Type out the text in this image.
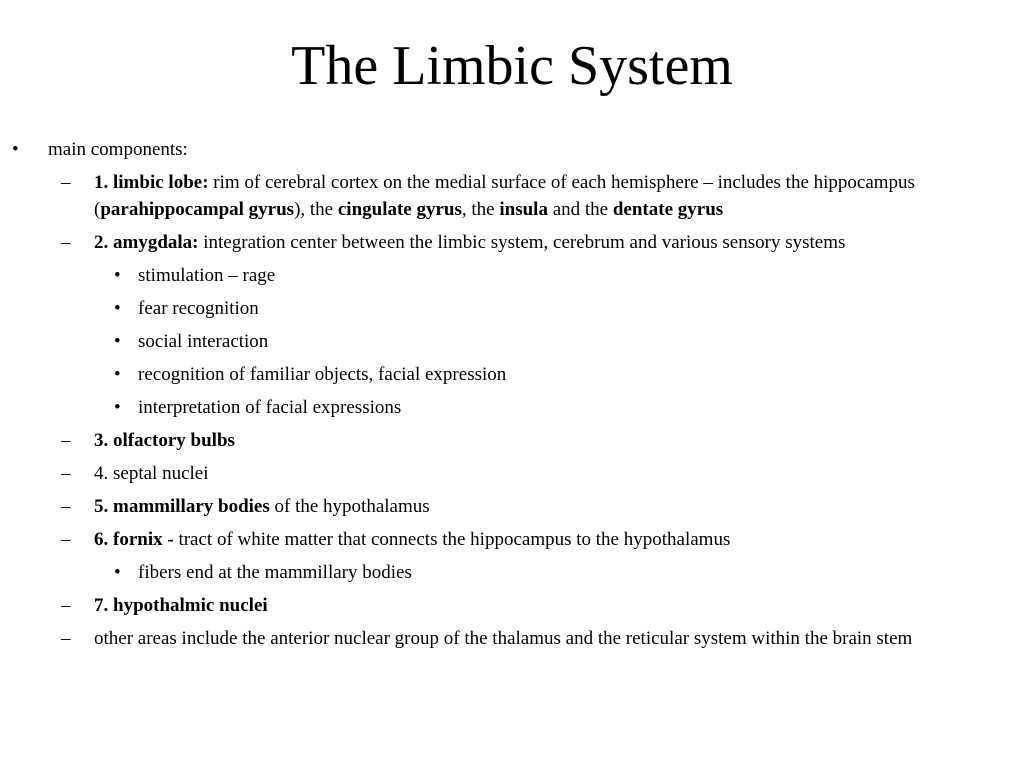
The Limbic System
• main components:
– 1. limbic lobe: rim of cerebral cortex on the medial surface of each hemisphere – includes the hippocampus (parahippocampal gyrus), the cingulate gyrus, the insula and the dentate gyrus
– 2. amygdala: integration center between the limbic system, cerebrum and various sensory systems
• stimulation – rage
• fear recognition
• social interaction
• recognition of familiar objects, facial expression
• interpretation of facial expressions
– 3. olfactory bulbs
– 4. septal nuclei
– 5. mammillary bodies of the hypothalamus
– 6. fornix - tract of white matter that connects the hippocampus to the hypothalamus
• fibers end at the mammillary bodies
– 7. hypothalmic nuclei
– other areas include the anterior nuclear group of the thalamus and the reticular system within the brain stem
